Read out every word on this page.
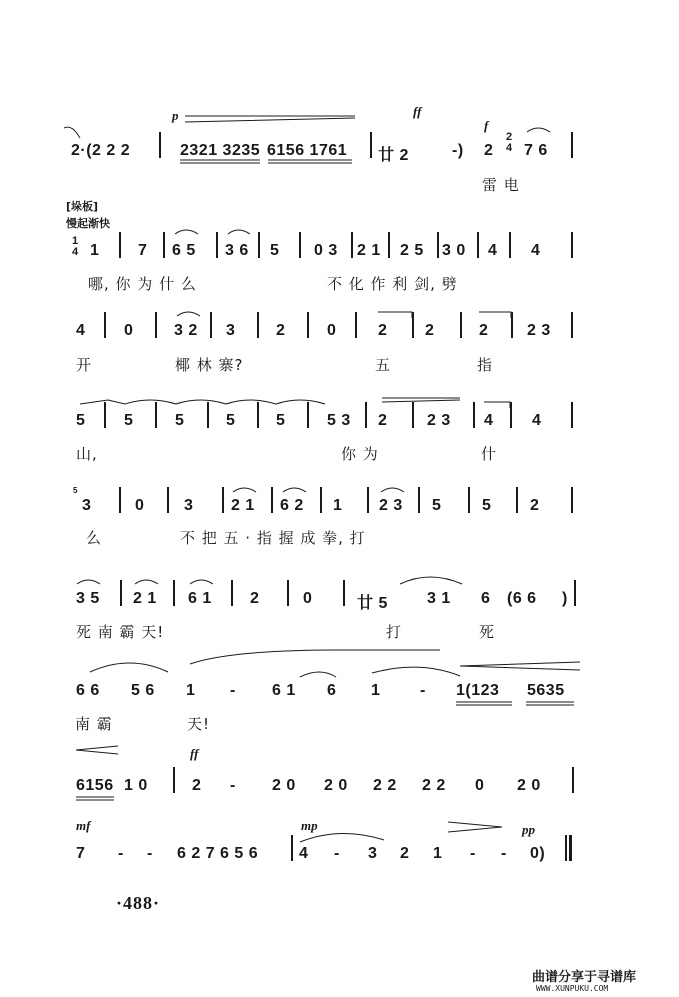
p	ff
f
2·(2 2 2	2321 3235 6156 1761 廿 2	-) 2
2
4 7 6
雷 电
[垛板]
慢起渐快
1
4 1 7 6 5 3 6 5 0 3 2 1 2 5 3 0 4 4
哪, 你 为 什 么	不 化 作 利 剑, 劈
4 0	3 2 3	2	0	2 2	2 2 3
开	椰 林 寨?	五	指
5 5	5	5	5	5 3 2 2 3 4 4
山,	你 为	什
5
3	0 3 2 1 6 2 1 2 3 5	5 2
么	不 把 五 · 指 握 成 拳, 打
3 5 2 1 6 1 2	0	廿 5 3 1 6 (6 6 )
死 南 霸 天!	打	死
6 6 5 6 1 - 6 1 6 1 - 1(123 5635
南 霸	天!
ff
6156 1 0	2 - 2 0 2 0 2 2 2 2 0 2 0
mf	mp	pp
7 - - 6 2 7 6 5 6	4 - 3 2 1 - - 0)
·488·
曲谱分享于寻谱库
WWW.XUNPUKU.COM
